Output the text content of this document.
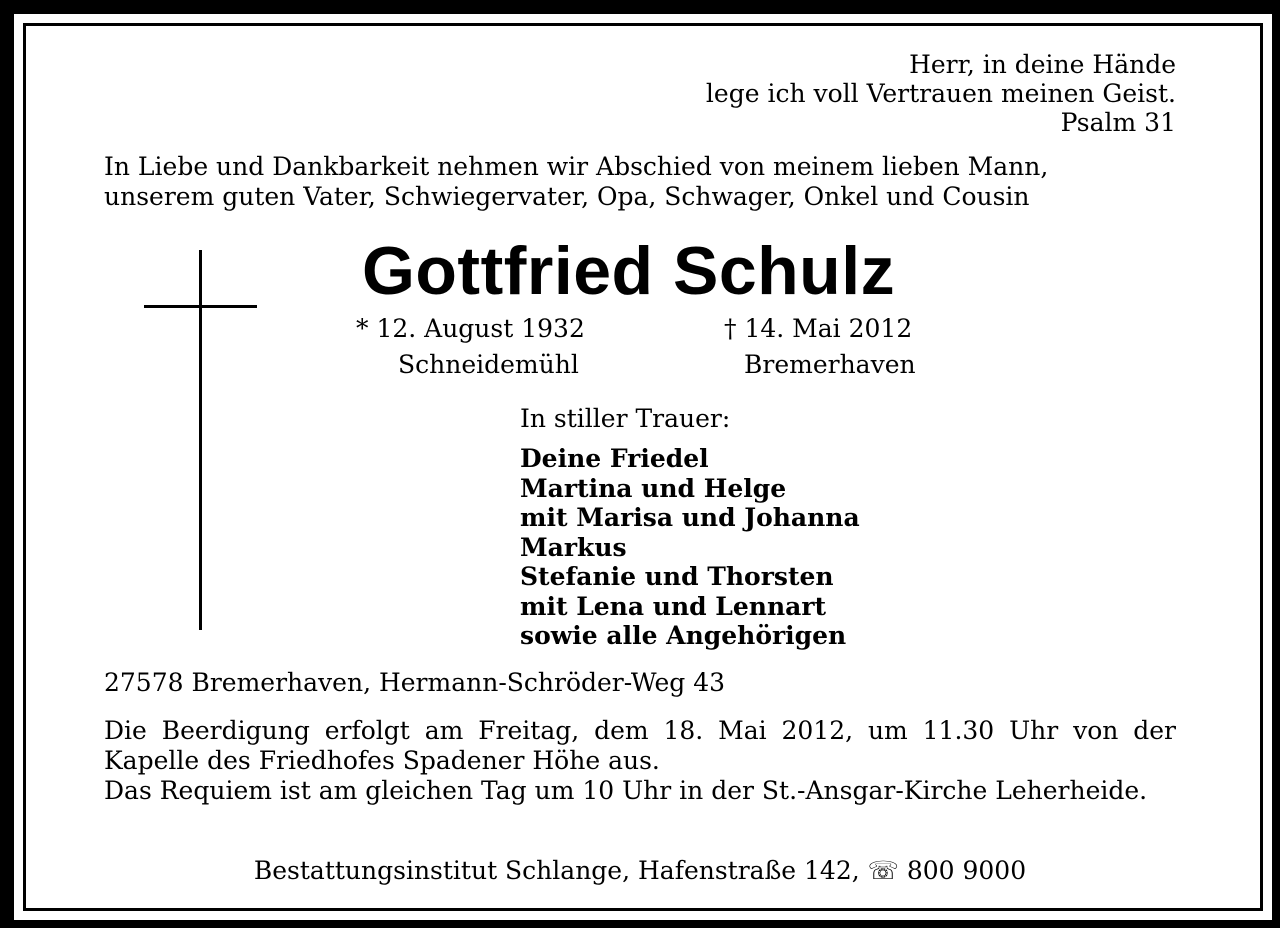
Herr, in deine Hände
lege ich voll Vertrauen meinen Geist.
Psalm 31

In Liebe und Dankbarkeit nehmen wir Abschied von meinem lieben Mann,

unserem guten Vater, Schwiegervater, Opa, Schwager, Onkel und Cousin

Gottfried Schulz
* 12. August 1932	† 14. Mai 2012
Schneidemühl	Bremerhaven
In stiller Trauer:
Deine Friedel
Martina und Helge
mit Marisa und Johanna
Markus
Stefanie und Thorsten
mit Lena und Lennart
sowie alle Angehörigen
27578 Bremerhaven, Hermann-Schröder-Weg 43

Die Beerdigung erfolgt am Freitag, dem 18. Mai 2012, um 11.30 Uhr von der Kapelle des Friedhofes Spadener Höhe aus.

Das Requiem ist am gleichen Tag um 10 Uhr in der St.-Ansgar-Kirche Leherheide.

Bestattungsinstitut Schlange, Hafenstraße 142, ☏ 800 9000
